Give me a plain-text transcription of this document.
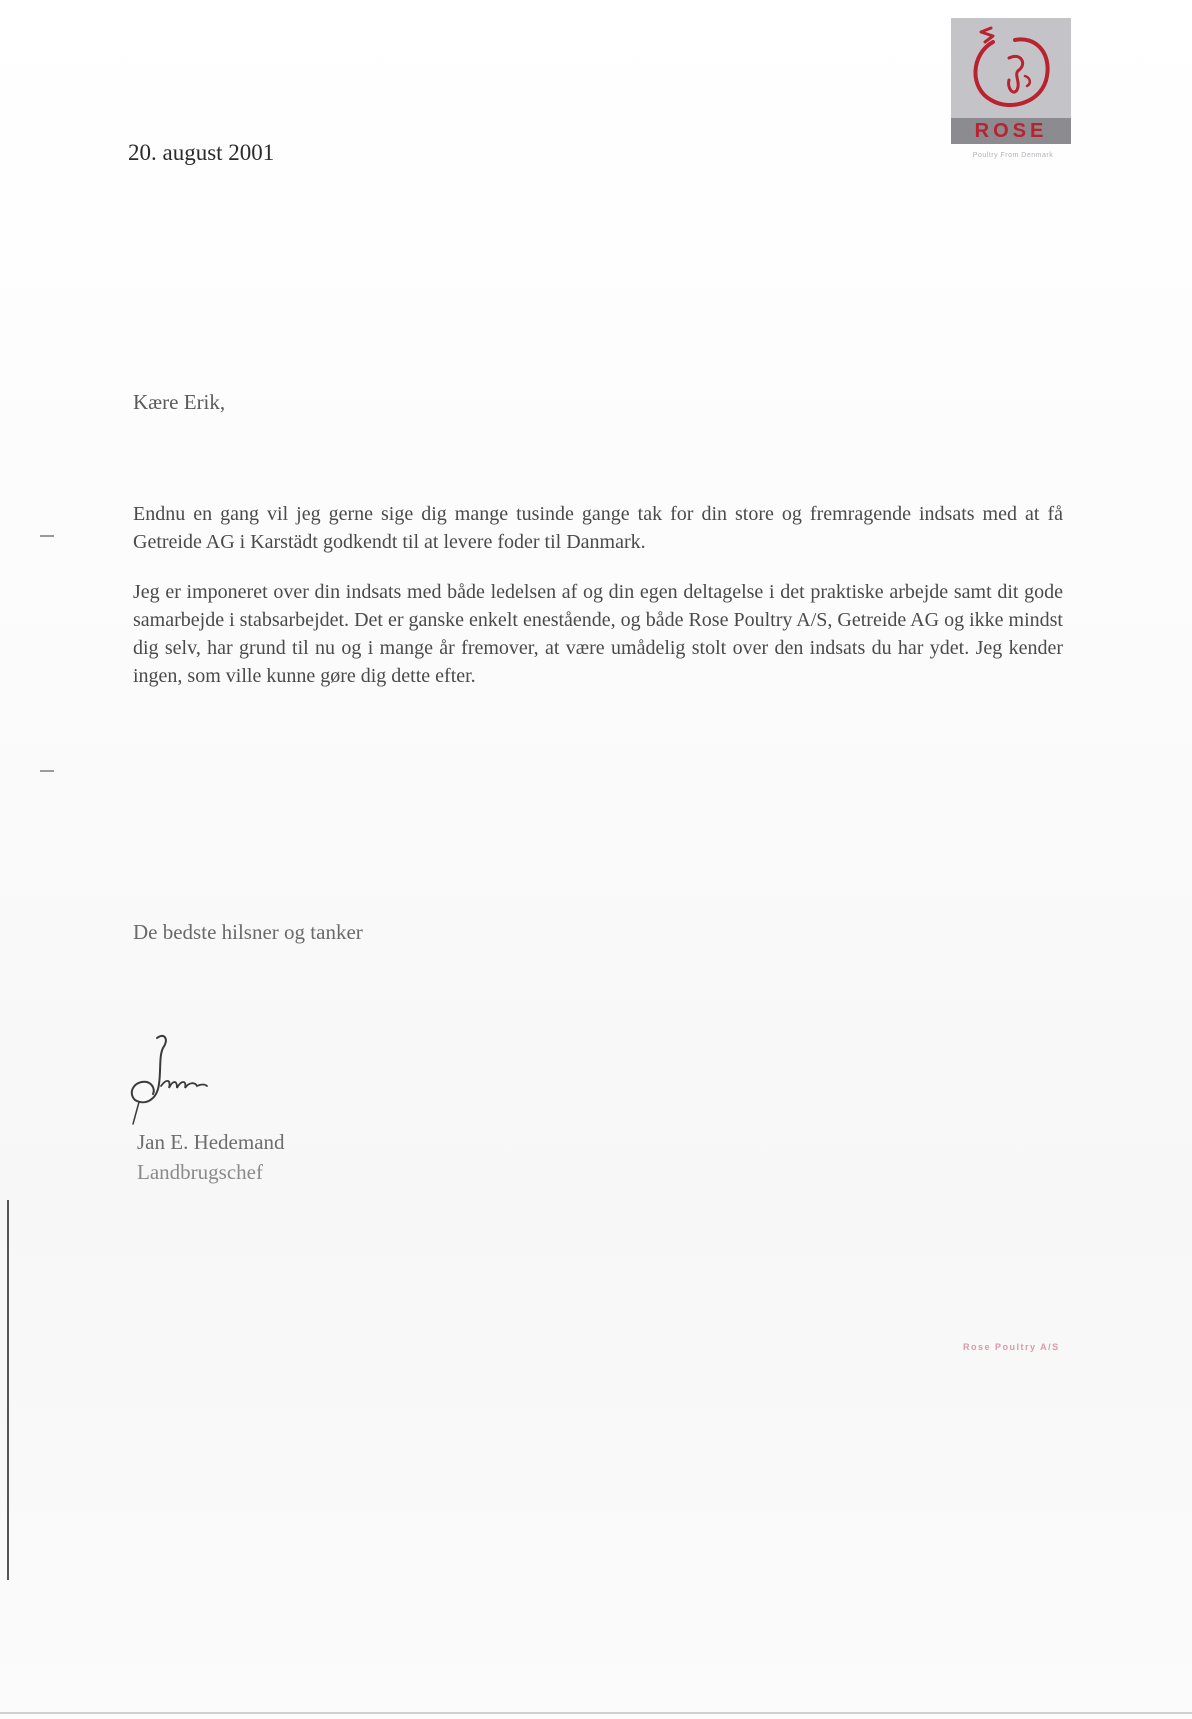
ROSE
Poultry From Denmark
20. august 2001
Kære Erik,

Endnu en gang vil jeg gerne sige dig mange tusinde gange tak for din store og fremragende indsats med at få Getreide AG i Karstädt godkendt til at levere foder til Danmark.

Jeg er imponeret over din indsats med både ledelsen af og din egen deltagelse i det praktiske arbejde samt dit gode samarbejde i stabsarbejdet. Det er ganske enkelt enestående, og både Rose Poultry A/S, Getreide AG og ikke mindst dig selv, har grund til nu og i mange år fremover, at være umådelig stolt over den indsats du har ydet. Jeg kender ingen, som ville kunne gøre dig dette efter.

De bedste hilsner og tanker
Jan E. Hedemand
Landbrugschef
Rose Poultry A/S
